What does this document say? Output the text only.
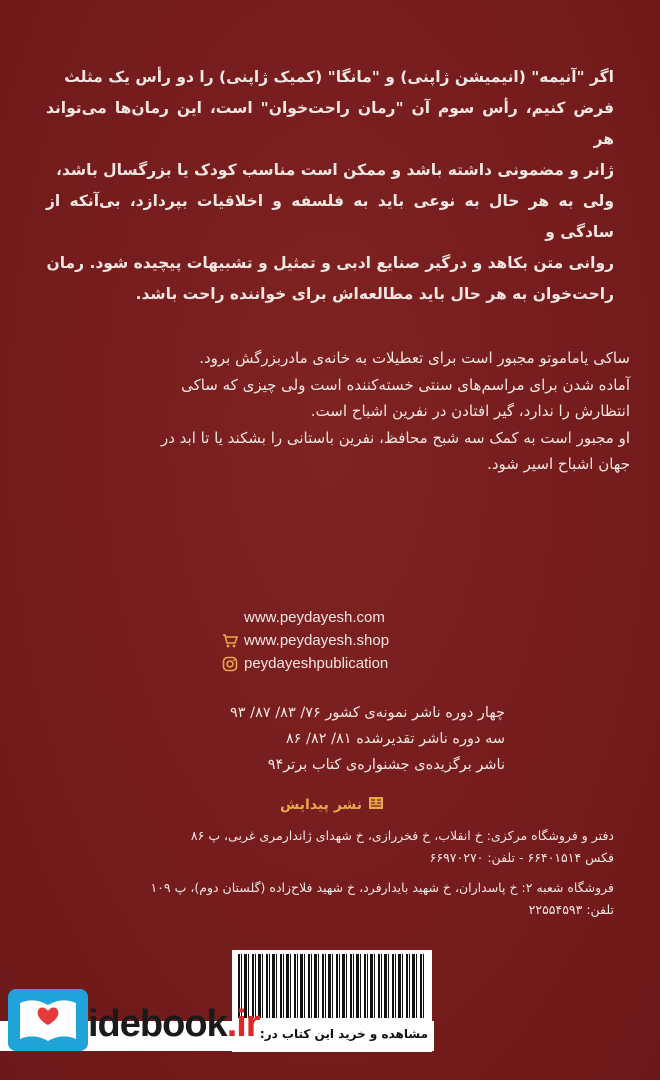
اگر "آنیمه" (انیمیشن ژاپنی) و "مانگا" (کمیک ژاپنی) را دو رأس یک مثلث

فرض کنیم، رأس سوم آن "رمان راحت‌خوان" است، این رمان‌ها می‌تواند هر

ژانر و مضمونی داشته باشد و ممکن است مناسب کودک یا بزرگسال باشد،

ولی به هر حال به نوعی باید به فلسفه و اخلاقیات بپردازد، بی‌آنکه از سادگی و

روانی متن بکاهد و درگیر صنایع ادبی و تمثیل و تشبیهات پیچیده شود. رمان

راحت‌خوان به هر حال باید مطالعه‌اش برای خواننده راحت باشد.

ساکی یاماموتو مجبور است برای تعطیلات به خانه‌ی مادربزرگش برود.

آماده شدن برای مراسم‌های سنتی خسته‌کننده است ولی چیزی که ساکی

انتظارش را ندارد، گیر افتادن در نفرین اشباح است.

او مجبور است به کمک سه شبح محافظ، نفرین باستانی را بشکند یا تا ابد در

جهان اشباح اسیر شود.

www.peydayesh.com
www.peydayesh.shop
peydayeshpublication

چهار دوره ناشر نمونه‌ی کشور ۷۶/ ۸۳/ ۸۷/ ۹۳

سه دوره ناشر تقدیرشده ۸۱/ ۸۲/ ۸۶

ناشر برگزیده‌ی جشنواره‌ی کتاب برتر۹۴

نشر پیدایش

دفتر و فروشگاه مرکزی: خ انقلاب، خ فخررازی، خ شهدای ژاندارمری غربی، پ ۸۶

فکس ۶۶۴۰۱۵۱۴ - تلفن: ۶۶۹۷۰۲۷۰

فروشگاه شعبه ۲: خ پاسداران، خ شهید بایدارفرد، خ شهید فلاح‌زاده (گلستان دوم)، پ ۱۰۹

تلفن: ۲۲۵۵۴۵۹۳

مشاهده و خرید این کتاب در:
idebook.ir
